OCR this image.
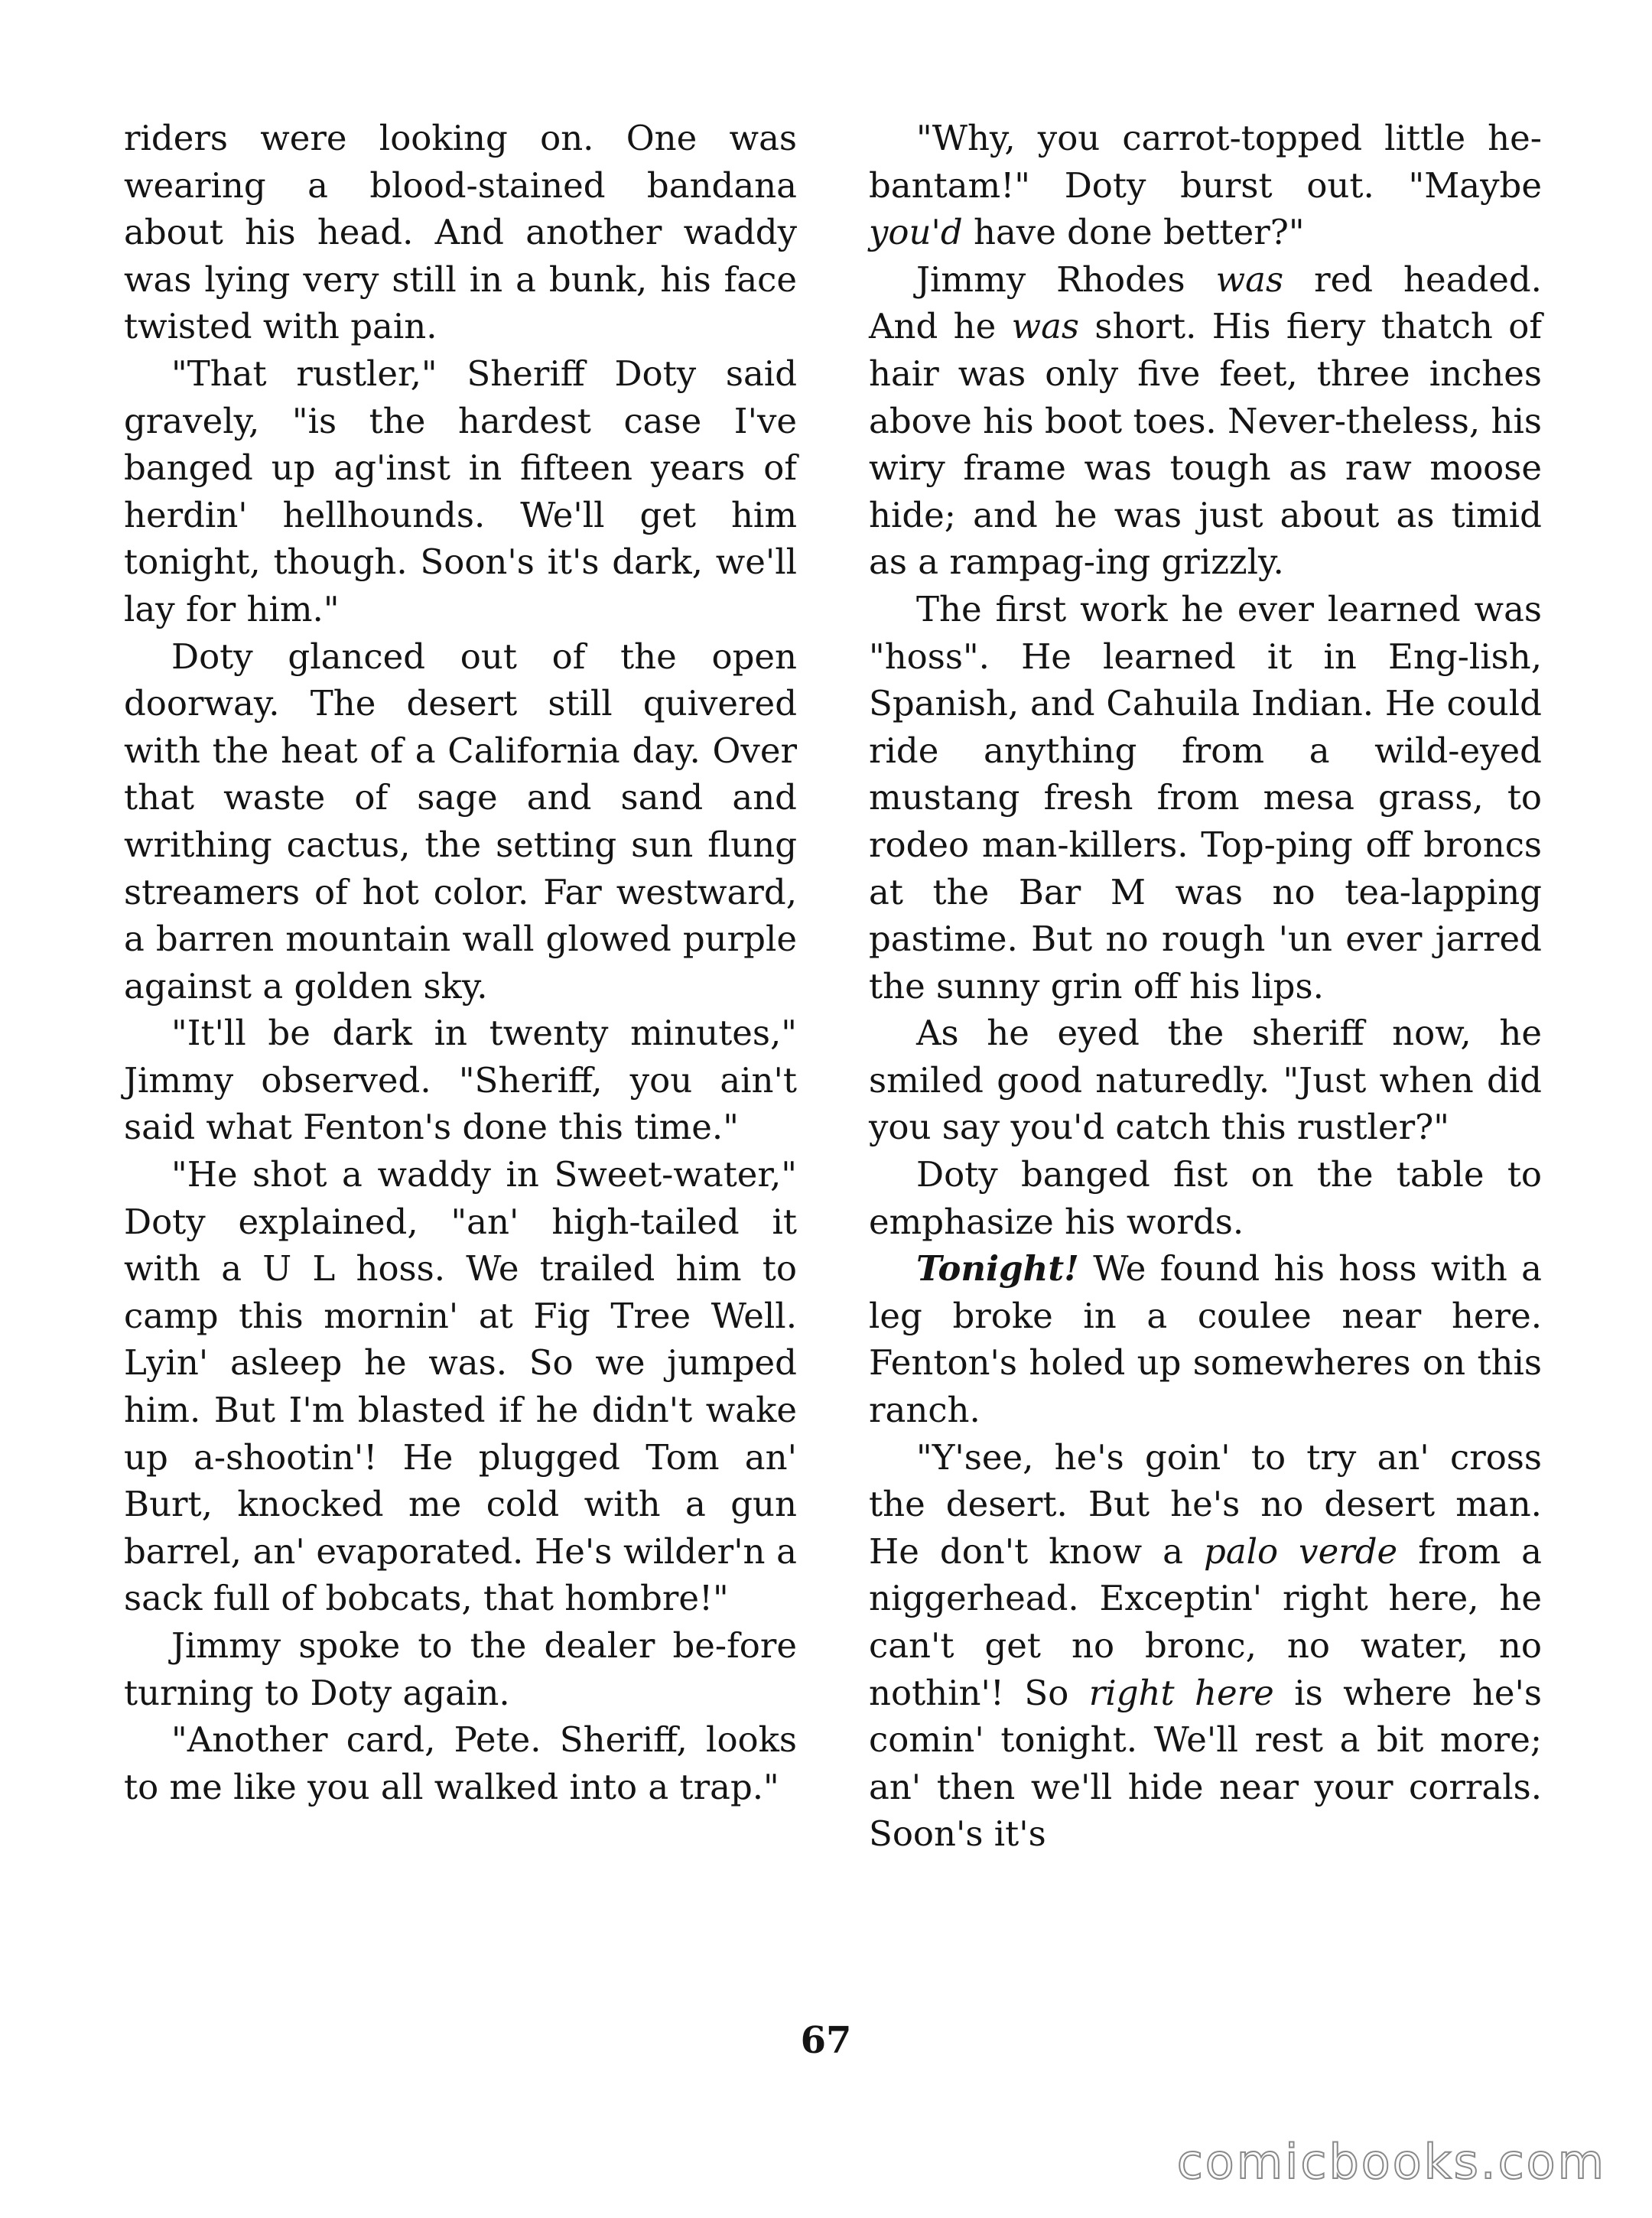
riders were looking on. One was wearing a blood-stained bandana about his head. And another waddy was lying very still in a bunk, his face twisted with pain.

"That rustler," Sheriff Doty said gravely, "is the hardest case I've banged up ag'inst in fifteen years of herdin' hellhounds. We'll get him tonight, though. Soon's it's dark, we'll lay for him."

Doty glanced out of the open doorway. The desert still quivered with the heat of a California day. Over that waste of sage and sand and writhing cactus, the setting sun flung streamers of hot color. Far westward, a barren mountain wall glowed purple against a golden sky.

"It'll be dark in twenty minutes," Jimmy observed. "Sheriff, you ain't said what Fenton's done this time."

"He shot a waddy in Sweet-water," Doty explained, "an' high-tailed it with a U L hoss. We trailed him to camp this mornin' at Fig Tree Well. Lyin' asleep he was. So we jumped him. But I'm blasted if he didn't wake up a-shootin'! He plugged Tom an' Burt, knocked me cold with a gun barrel, an' evaporated. He's wilder'n a sack full of bobcats, that hombre!"

Jimmy spoke to the dealer be-fore turning to Doty again.

"Another card, Pete. Sheriff, looks to me like you all walked into a trap."

"Why, you carrot-topped little he-bantam!" Doty burst out. "Maybe you'd have done better?"

Jimmy Rhodes was red headed. And he was short. His fiery thatch of hair was only five feet, three inches above his boot toes. Never-theless, his wiry frame was tough as raw moose hide; and he was just about as timid as a rampag-ing grizzly.

The first work he ever learned was "hoss". He learned it in Eng-lish, Spanish, and Cahuila Indian. He could ride anything from a wild-eyed mustang fresh from mesa grass, to rodeo man-killers. Top-ping off broncs at the Bar M was no tea-lapping pastime. But no rough 'un ever jarred the sunny grin off his lips.

As he eyed the sheriff now, he smiled good naturedly. "Just when did you say you'd catch this rustler?"

Doty banged fist on the table to emphasize his words.

Tonight! We found his hoss with a leg broke in a coulee near here. Fenton's holed up somewheres on this ranch.

"Y'see, he's goin' to try an' cross the desert. But he's no desert man. He don't know a palo verde from a niggerhead. Exceptin' right here, he can't get no bronc, no water, no nothin'! So right here is where he's comin' tonight. We'll rest a bit more; an' then we'll hide near your corrals. Soon's it's

67
comicbooks.com
